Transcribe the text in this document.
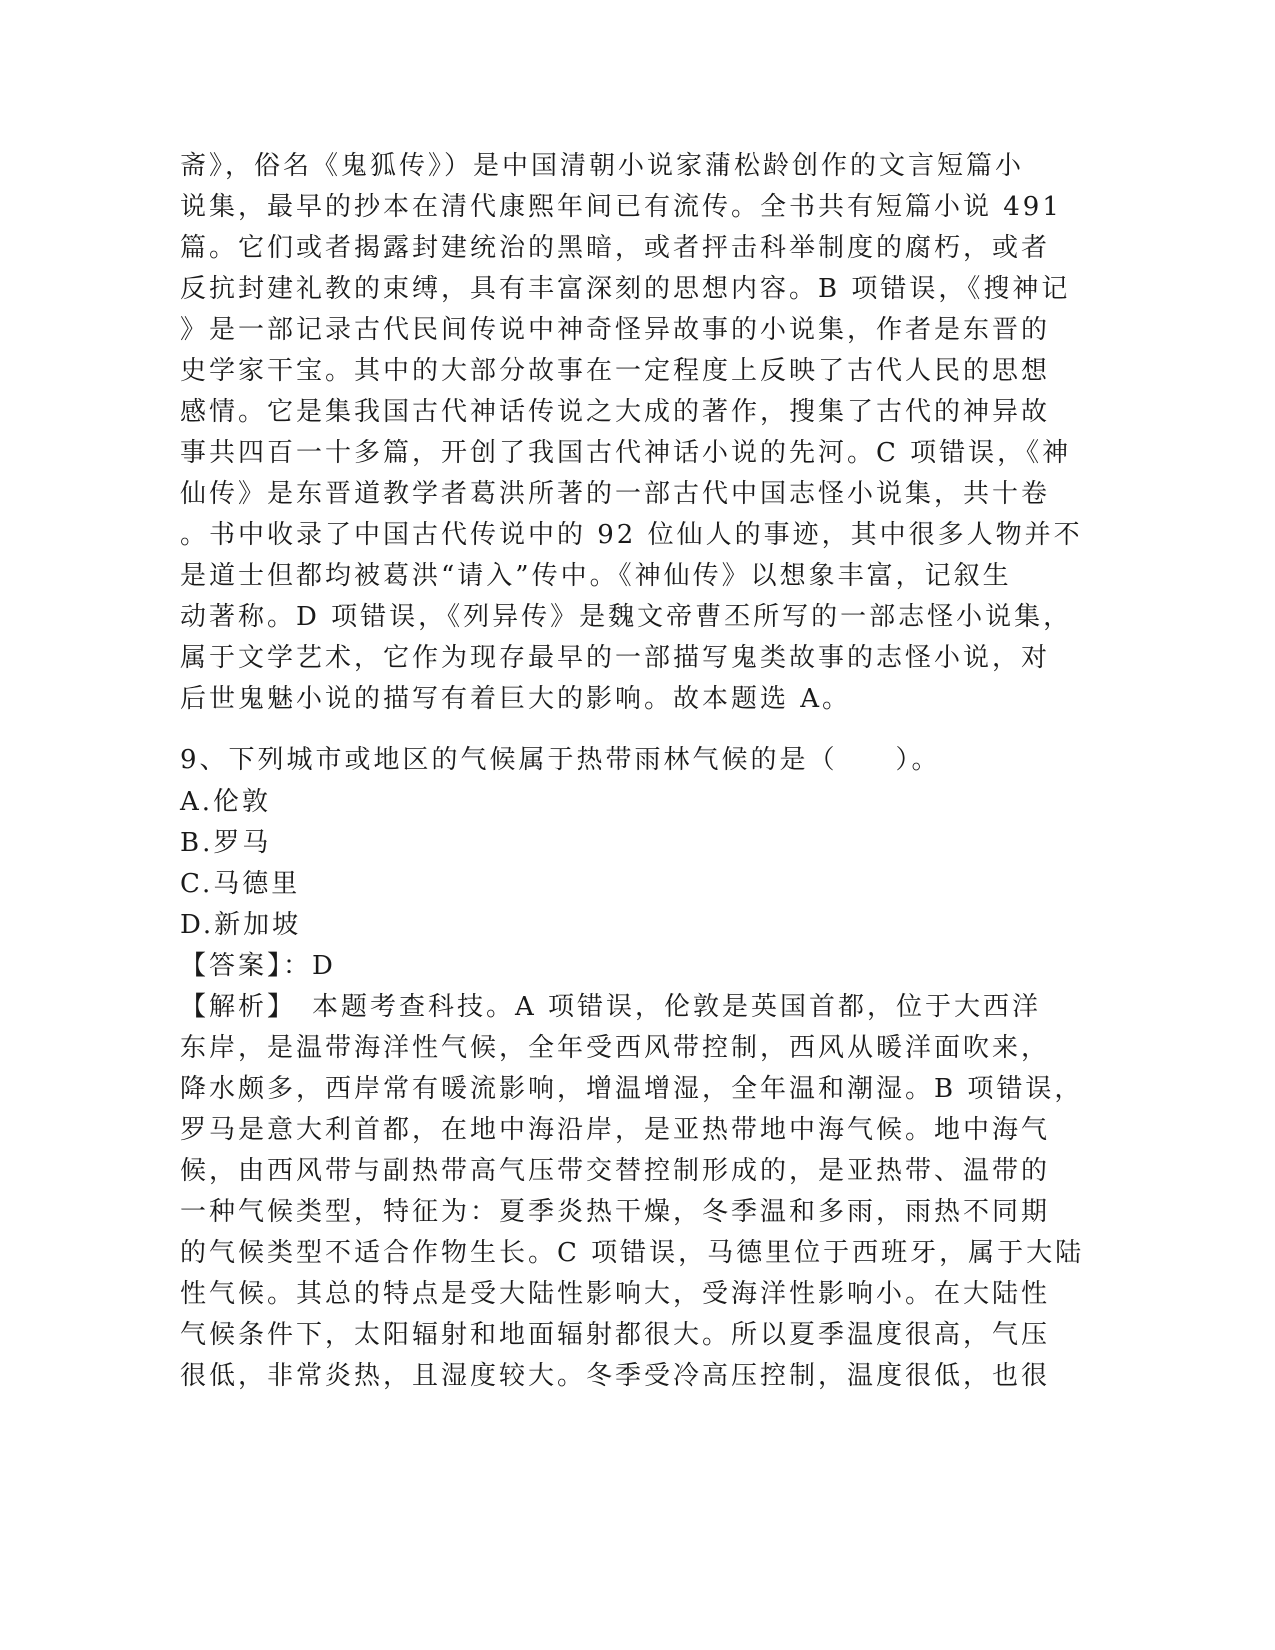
斋》，俗名《鬼狐传》）是中国清朝小说家蒲松龄创作的文言短篇小
说集，最早的抄本在清代康熙年间已有流传。全书共有短篇小说 491
篇。它们或者揭露封建统治的黑暗，或者抨击科举制度的腐朽，或者
反抗封建礼教的束缚，具有丰富深刻的思想内容。B 项错误，《搜神记
》是一部记录古代民间传说中神奇怪异故事的小说集，作者是东晋的
史学家干宝。其中的大部分故事在一定程度上反映了古代人民的思想
感情。它是集我国古代神话传说之大成的著作，搜集了古代的神异故
事共四百一十多篇，开创了我国古代神话小说的先河。C 项错误，《神
仙传》是东晋道教学者葛洪所著的一部古代中国志怪小说集，共十卷
。书中收录了中国古代传说中的 92 位仙人的事迹，其中很多人物并不
是道士但都均被葛洪“请入”传中。《神仙传》以想象丰富，记叙生
动著称。D 项错误，《列异传》是魏文帝曹丕所写的一部志怪小说集，
属于文学艺术，它作为现存最早的一部描写鬼类故事的志怪小说，对
后世鬼魅小说的描写有着巨大的影响。故本题选 A。
9、下列城市或地区的气候属于热带雨林气候的是（　　）。
A.伦敦
B.罗马
C.马德里
D.新加坡
【答案】：D
【解析】　本题考查科技。A 项错误，伦敦是英国首都，位于大西洋
东岸，是温带海洋性气候，全年受西风带控制，西风从暖洋面吹来，
降水颇多，西岸常有暖流影响，增温增湿，全年温和潮湿。B 项错误，
罗马是意大利首都，在地中海沿岸，是亚热带地中海气候。地中海气
候，由西风带与副热带高气压带交替控制形成的，是亚热带、温带的
一种气候类型，特征为：夏季炎热干燥，冬季温和多雨，雨热不同期
的气候类型不适合作物生长。C 项错误，马德里位于西班牙，属于大陆
性气候。其总的特点是受大陆性影响大，受海洋性影响小。在大陆性
气候条件下，太阳辐射和地面辐射都很大。所以夏季温度很高，气压
很低，非常炎热，且湿度较大。冬季受冷高压控制，温度很低，也很
